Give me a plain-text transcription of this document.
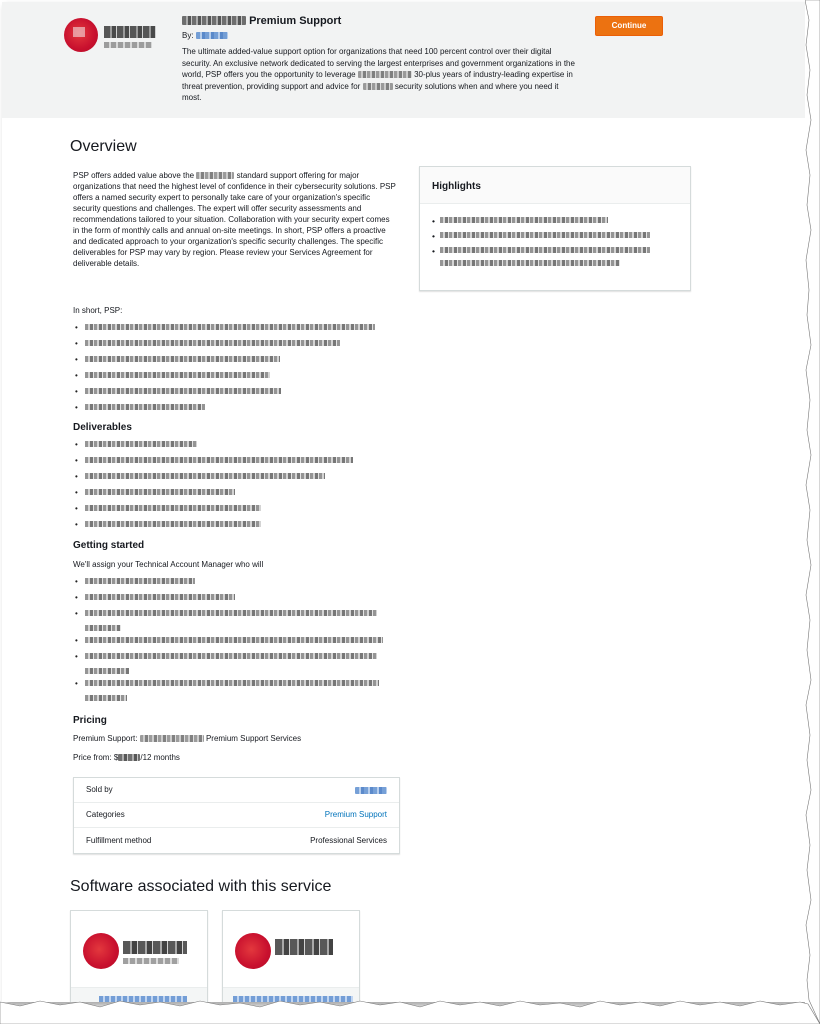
Premium Support
By:
The ultimate added-value support option for organizations that need 100 percent control over their digital security. An exclusive network dedicated to serving the largest enterprises and government organizations in the world, PSP offers you the opportunity to leverage	30-plus years of industry-leading expertise in threat prevention, providing support and advice for	security solutions when and where you need it most.
Continue
Overview
PSP offers added value above the	standard support offering for major organizations that need the highest level of confidence in their cybersecurity solutions. PSP offers a named security expert to personally take care of your organization's specific security questions and challenges. The expert will offer security assessments and recommendations tailored to your situation. Collaboration with your security expert comes in the form of monthly calls and annual on-site meetings. In short, PSP offers a proactive and dedicated approach to your organization's specific security challenges. The specific deliverables for PSP may vary by region. Please review your Services Agreement for deliverable details.
In short, PSP:
•
•
•
•
•
•
Deliverables
•
•
•
•
•
•
Getting started
We'll assign your Technical Account Manager who will
•
•
•
•
•
•
Pricing
Premium Support:	Premium Support Services
Price from: $	/12 months
Highlights
•
•
•
Sold by
Categories	Premium Support
Fulfillment method	Professional Services
Software associated with this service
